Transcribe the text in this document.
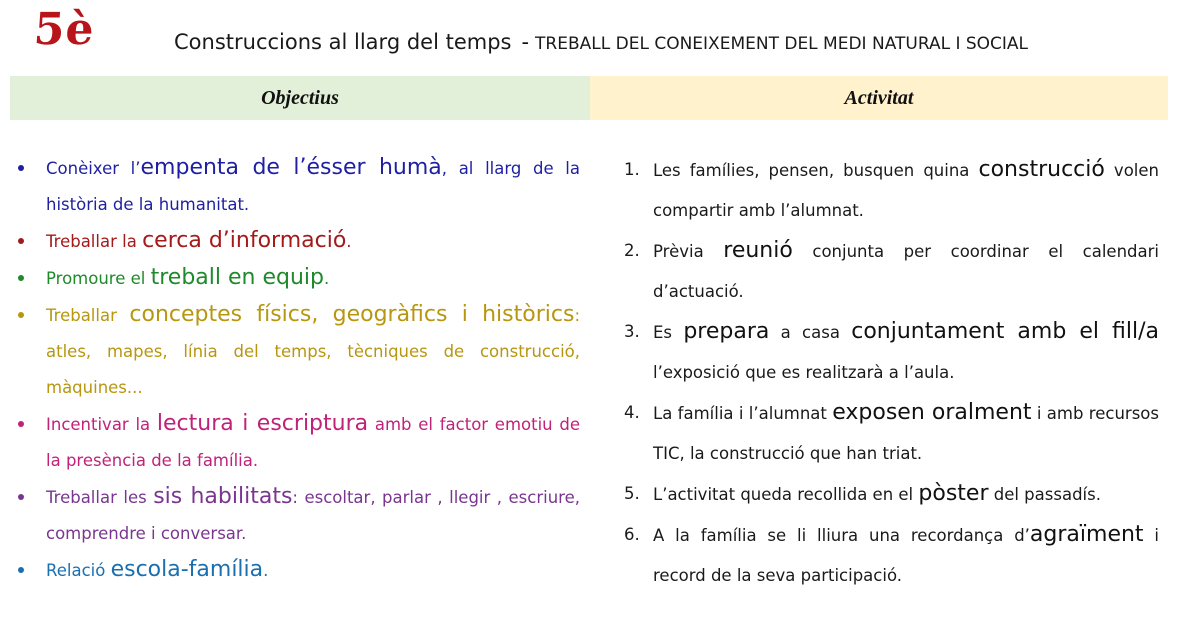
5è	Construccions al llarg del temps - TREBALL DEL CONEIXEMENT DEL MEDI NATURAL I SOCIAL
Objectius	Activitat
Conèixer l’empenta de l’ésser humà, al llarg de la història de la humanitat.
Treballar la cerca d’informació.
Promoure el treball en equip.
Treballar conceptes físics, geogràfics i històrics: atles, mapes, línia del temps, tècniques de construcció, màquines...
Incentivar la lectura i escriptura amb el factor emotiu de la presència de la família.
Treballar les sis habilitats: escoltar, parlar , llegir , escriure, comprendre i conversar.
Relació escola-família.
1. Les famílies, pensen, busquen quina construcció volen compartir amb l’alumnat.
2. Prèvia reunió conjunta per coordinar el calendari d’actuació.
3. Es prepara a casa conjuntament amb el fill/a l’exposició que es realitzarà a l’aula.
4. La família i l’alumnat exposen oralment i amb recursos TIC, la construcció que han triat.
5. L’activitat queda recollida en el pòster del passadís.
6. A la família se li lliura una recordança d’agraïment i record de la seva participació.
